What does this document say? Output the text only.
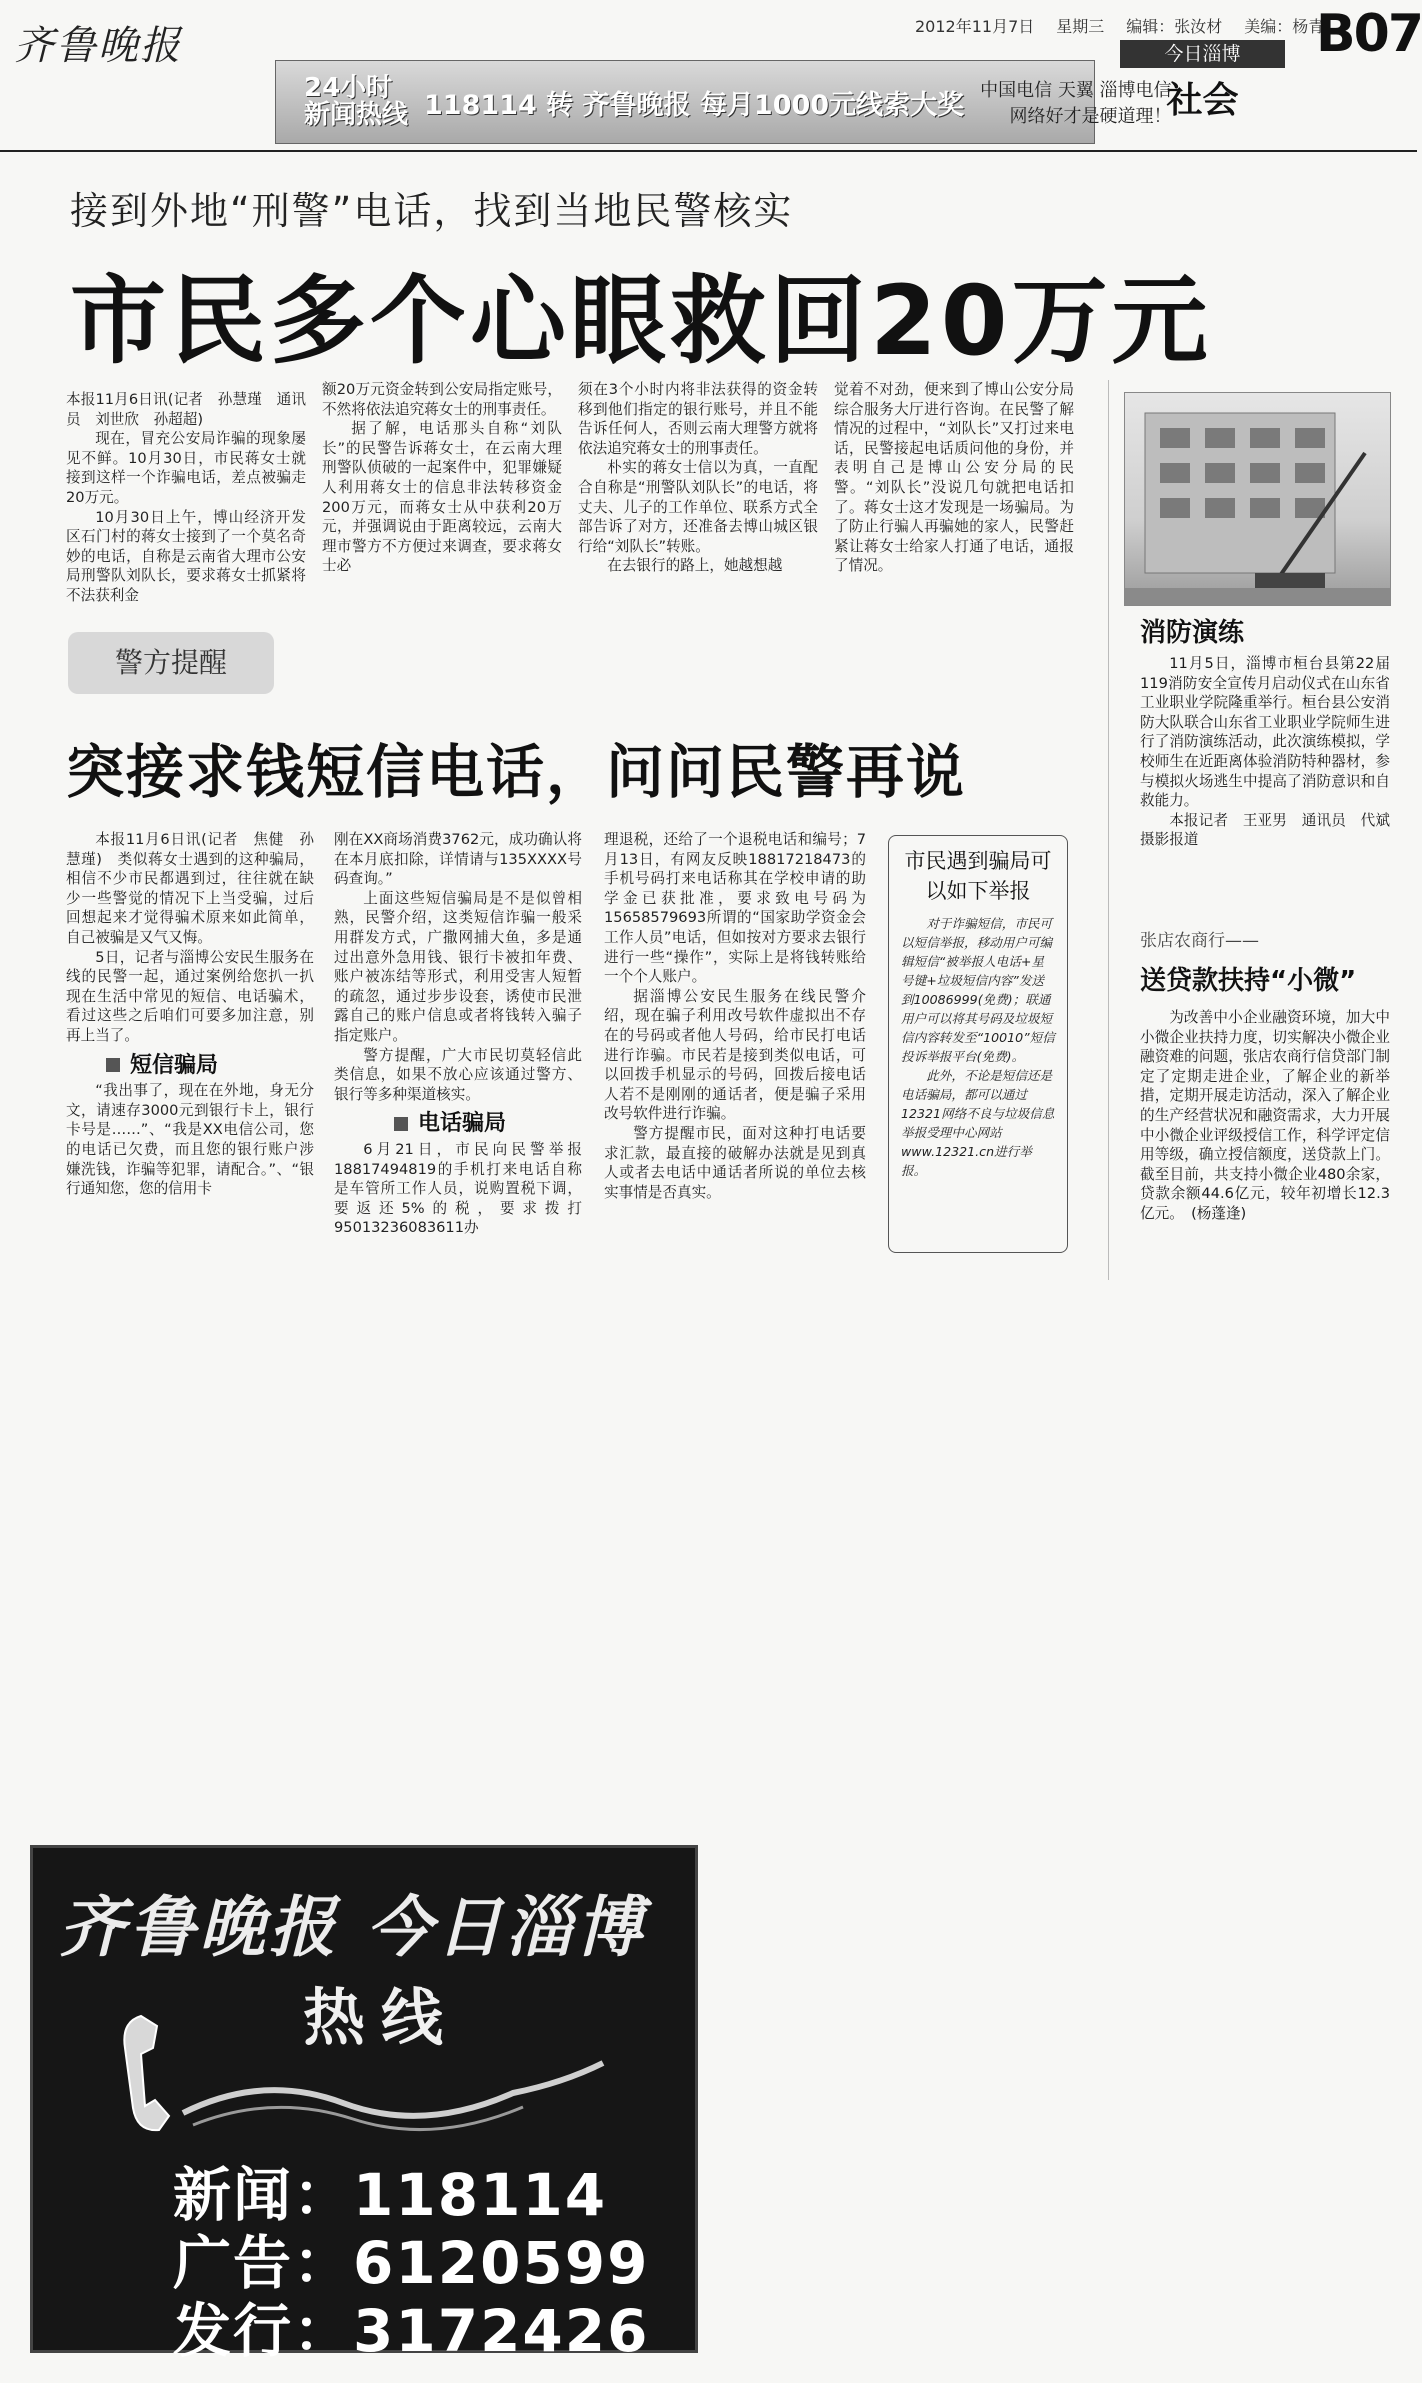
齐鲁晚报	2012年11月7日 星期三 编辑：张汝材 美编：杨青
B07
今日淄博
社会
24小时
新闻热线 118114 转 齐鲁晚报 每月1000元线索大奖 中国电信 天翼 淄博电信
网络好才是硬道理！
接到外地“刑警”电话，找到当地民警核实
市民多个心眼救回20万元

本报11月6日讯(记者　孙慧瑾　通讯员　刘世欣　孙超超)

现在，冒充公安局诈骗的现象屡见不鲜。10月30日，市民蒋女士就接到这样一个诈骗电话，差点被骗走20万元。

10月30日上午，博山经济开发区石门村的蒋女士接到了一个莫名奇妙的电话，自称是云南省大理市公安局刑警队刘队长，要求蒋女士抓紧将不法获利金

额20万元资金转到公安局指定账号，不然将依法追究蒋女士的刑事责任。

据了解，电话那头自称“刘队长”的民警告诉蒋女士，在云南大理刑警队侦破的一起案件中，犯罪嫌疑人利用蒋女士的信息非法转移资金200万元，而蒋女士从中获利20万元，并强调说由于距离较远，云南大理市警方不方便过来调查，要求蒋女士必

须在3个小时内将非法获得的资金转移到他们指定的银行账号，并且不能告诉任何人，否则云南大理警方就将依法追究蒋女士的刑事责任。

朴实的蒋女士信以为真，一直配合自称是“刑警队刘队长”的电话，将丈夫、儿子的工作单位、联系方式全部告诉了对方，还准备去博山城区银行给“刘队长”转账。

在去银行的路上，她越想越

觉着不对劲，便来到了博山公安分局综合服务大厅进行咨询。在民警了解情况的过程中，“刘队长”又打过来电话，民警接起电话质问他的身份，并表明自己是博山公安分局的民警。“刘队长”没说几句就把电话扣了。蒋女士这才发现是一场骗局。为了防止行骗人再骗她的家人，民警赶紧让蒋女士给家人打通了电话，通报了情况。

警方提醒
突接求钱短信电话，问问民警再说

本报11月6日讯(记者　焦健　孙慧瑾)　类似蒋女士遇到的这种骗局，相信不少市民都遇到过，往往就在缺少一些警觉的情况下上当受骗，过后回想起来才觉得骗术原来如此简单，自己被骗是又气又悔。

5日，记者与淄博公安民生服务在线的民警一起，通过案例给您扒一扒现在生活中常见的短信、电话骗术，看过这些之后咱们可要多加注意，别再上当了。

短信骗局

“我出事了，现在在外地，身无分文，请速存3000元到银行卡上，银行卡号是……”、“我是XX电信公司，您的电话已欠费，而且您的银行账户涉嫌洗钱，诈骗等犯罪，请配合。”、“银行通知您，您的信用卡

刚在XX商场消费3762元，成功确认将在本月底扣除，详情请与135XXXX号码查询。”

上面这些短信骗局是不是似曾相熟，民警介绍，这类短信诈骗一般采用群发方式，广撒网捕大鱼，多是通过出意外急用钱、银行卡被扣年费、账户被冻结等形式，利用受害人短暂的疏忽，通过步步设套，诱使市民泄露自己的账户信息或者将钱转入骗子指定账户。

警方提醒，广大市民切莫轻信此类信息，如果不放心应该通过警方、银行等多种渠道核实。

电话骗局

6月21日，市民向民警举报18817494819的手机打来电话自称是车管所工作人员，说购置税下调，要返还5%的税，要求拨打95013236083611办

理退税，还给了一个退税电话和编号；7月13日，有网友反映18817218473的手机号码打来电话称其在学校申请的助学金已获批准，要求致电号码为15658579693所谓的“国家助学资金会工作人员”电话，但如按对方要求去银行进行一些“操作”，实际上是将钱转账给一个个人账户。

据淄博公安民生服务在线民警介绍，现在骗子利用改号软件虚拟出不存在的号码或者他人号码，给市民打电话进行诈骗。市民若是接到类似电话，可以回拨手机显示的号码，回拨后接电话人若不是刚刚的通话者，便是骗子采用改号软件进行诈骗。

警方提醒市民，面对这种打电话要求汇款，最直接的破解办法就是见到真人或者去电话中通话者所说的单位去核实事情是否真实。

市民遇到骗局可以如下举报

对于诈骗短信，市民可以短信举报，移动用户可编辑短信“被举报人电话+星号键+垃圾短信内容”发送到10086999(免费)；联通用户可以将其号码及垃圾短信内容转发至“10010”短信投诉举报平台(免费)。

此外，不论是短信还是电话骗局，都可以通过12321网络不良与垃圾信息举报受理中心网站www.12321.cn进行举报。

消防演练

11月5日，淄博市桓台县第22届119消防安全宣传月启动仪式在山东省工业职业学院隆重举行。桓台县公安消防大队联合山东省工业职业学院师生进行了消防演练活动，此次演练模拟，学校师生在近距离体验消防特种器材，参与模拟火场逃生中提高了消防意识和自救能力。

本报记者　王亚男　通讯员　代斌　摄影报道

张店农商行——
送贷款扶持“小微”

为改善中小企业融资环境，加大中小微企业扶持力度，切实解决小微企业融资难的问题，张店农商行信贷部门制定了定期走进企业，了解企业的新举措，定期开展走访活动，深入了解企业的生产经营状况和融资需求，大力开展中小微企业评级授信工作，科学评定信用等级，确立授信额度，送贷款上门。截至目前，共支持小微企业480余家，贷款余额44.6亿元，较年初增长12.3亿元。　(杨蓬逢)

齐鲁晚报 今日淄博
热线
新闻：118114
广告：6120599
发行：3172426
